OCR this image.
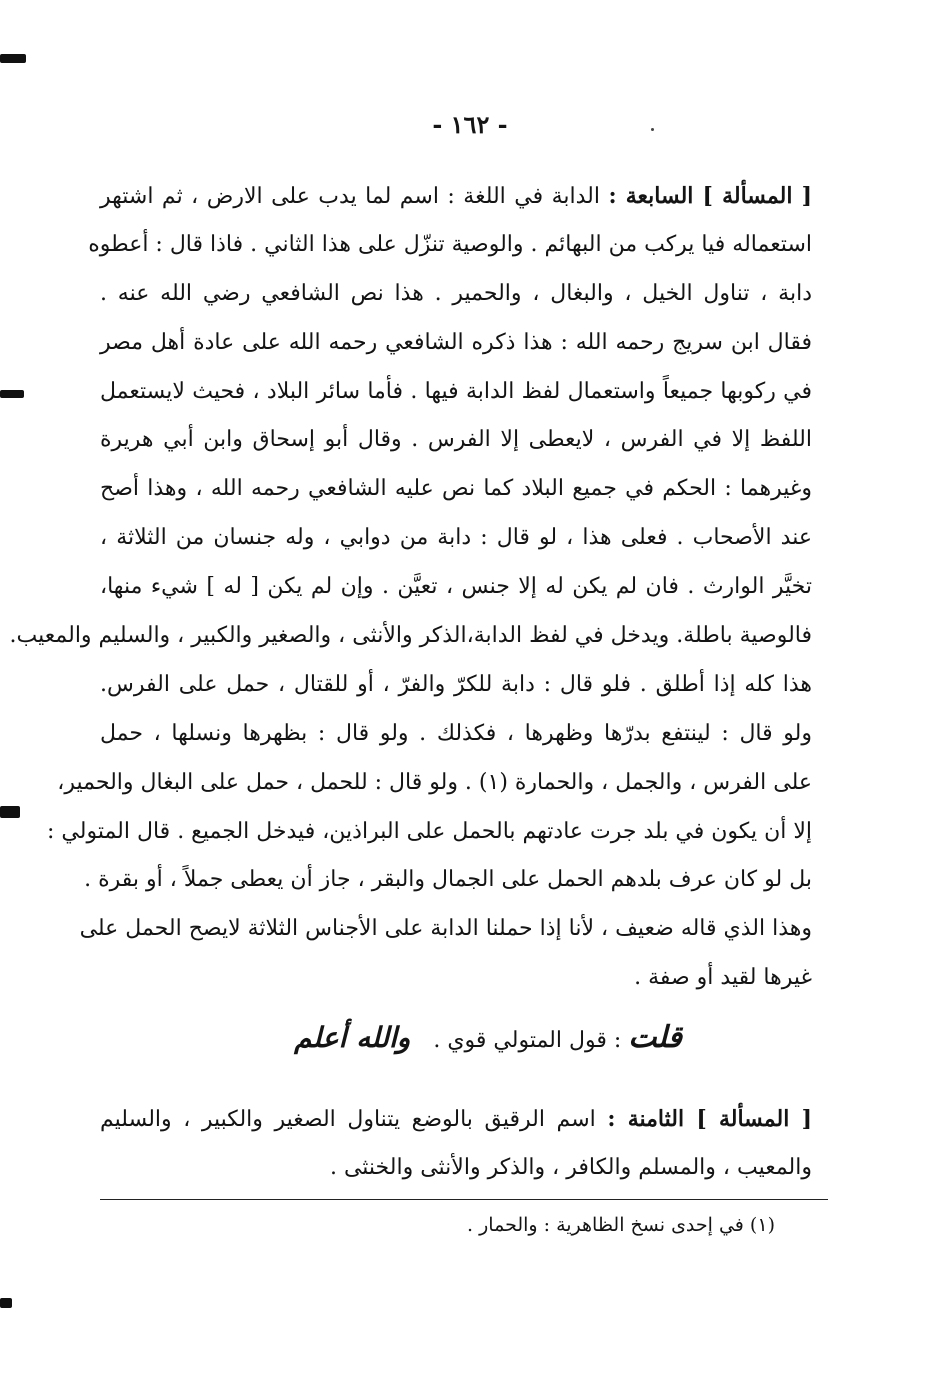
- ١٦٢ -
[ المسألة ] السابعة : الدابة في اللغة : اسم لما يدب على الارض ، ثم اشتهر
استعماله فيا يركب من البهائم . والوصية تنزّل على هذا الثاني . فاذا قال : أعطوه
دابة ، تناول الخيل ، والبغال ، والحمير . هذا نص الشافعي رضي الله عنه .
فقال ابن سريج رحمه الله : هذا ذكره الشافعي رحمه الله على عادة أهل مصر
في ركوبها جميعاً واستعمال لفظ الدابة فيها . فأما سائر البلاد ، فحيث لايستعمل
اللفظ إلا في الفرس ، لايعطى إلا الفرس . وقال أبو إسحاق وابن أبي هريرة
وغيرهما : الحكم في جميع البلاد كما نص عليه الشافعي رحمه الله ، وهذا أصح
عند الأصحاب . فعلى هذا ، لو قال : دابة من دوابي ، وله جنسان من الثلاثة ،
تخيَّر الوارث . فان لم يكن له إلا جنس ، تعيَّن . وإن لم يكن [ له ] شيء منها،
فالوصية باطلة. ويدخل في لفظ الدابة،الذكر والأنثى ، والصغير والكبير ، والسليم والمعيب.
هذا كله إذا أطلق . فلو قال : دابة للكرّ والفرّ ، أو للقتال ، حمل على الفرس.
ولو قال : لينتفع بدرّها وظهرها ، فكذلك . ولو قال : بظهرها ونسلها ، حمل
على الفرس ، والجمل ، والحمارة (١) . ولو قال : للحمل ، حمل على البغال والحمير،
إلا أن يكون في بلد جرت عادتهم بالحمل على البراذين، فيدخل الجميع . قال المتولي :
بل لو كان عرف بلدهم الحمل على الجمال والبقر ، جاز أن يعطى جملاً ، أو بقرة .
وهذا الذي قاله ضعيف ، لأنا إذا حملنا الدابة على الأجناس الثلاثة لايصح الحمل على
غيرها لقيد أو صفة .
قلت : قول المتولي قوي . والله أعلم
[ المسألة ] الثامنة : اسم الرقيق بالوضع يتناول الصغير والكبير ، والسليم
والمعيب ، والمسلم والكافر ، والذكر والأنثى والخنثى .
(١) في إحدى نسخ الظاهرية : والحمار .
